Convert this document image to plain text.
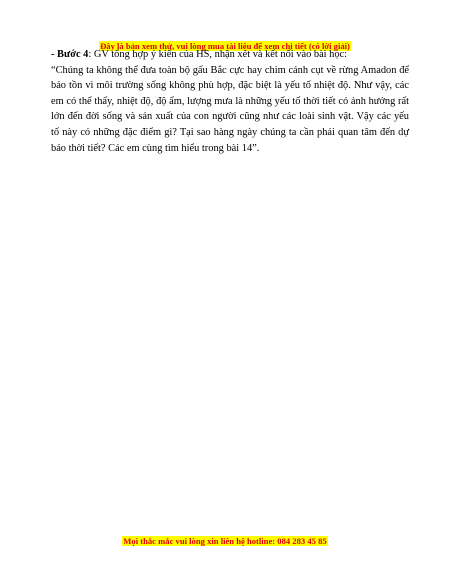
Đây là bản xem thử, vui lòng mua tài liệu để xem chi tiết (có lời giải)

- Bước 4: GV tổng hợp ý kiến của HS, nhận xét và kết nối vào bài học:

“Chúng ta không thể đưa toàn bộ gấu Bắc cực hay chim cánh cụt về rừng Amadon để bảo tồn vì môi trường sống không phù hợp, đặc biệt là yếu tố nhiệt độ. Như vậy, các em có thể thấy, nhiệt độ, độ ẩm, lượng mưa là những yếu tố thời tiết có ảnh hưởng rất lớn đến đời sống và sản xuất của con người cũng như các loài sinh vật. Vậy các yếu tố này có những đặc điểm gì? Tại sao hàng ngày chúng ta cần phải quan tâm đến dự báo thời tiết? Các em cùng tìm hiểu trong bài 14”.

Mọi thắc mắc vui lòng xin liên hệ hotline: 084 283 45 85
